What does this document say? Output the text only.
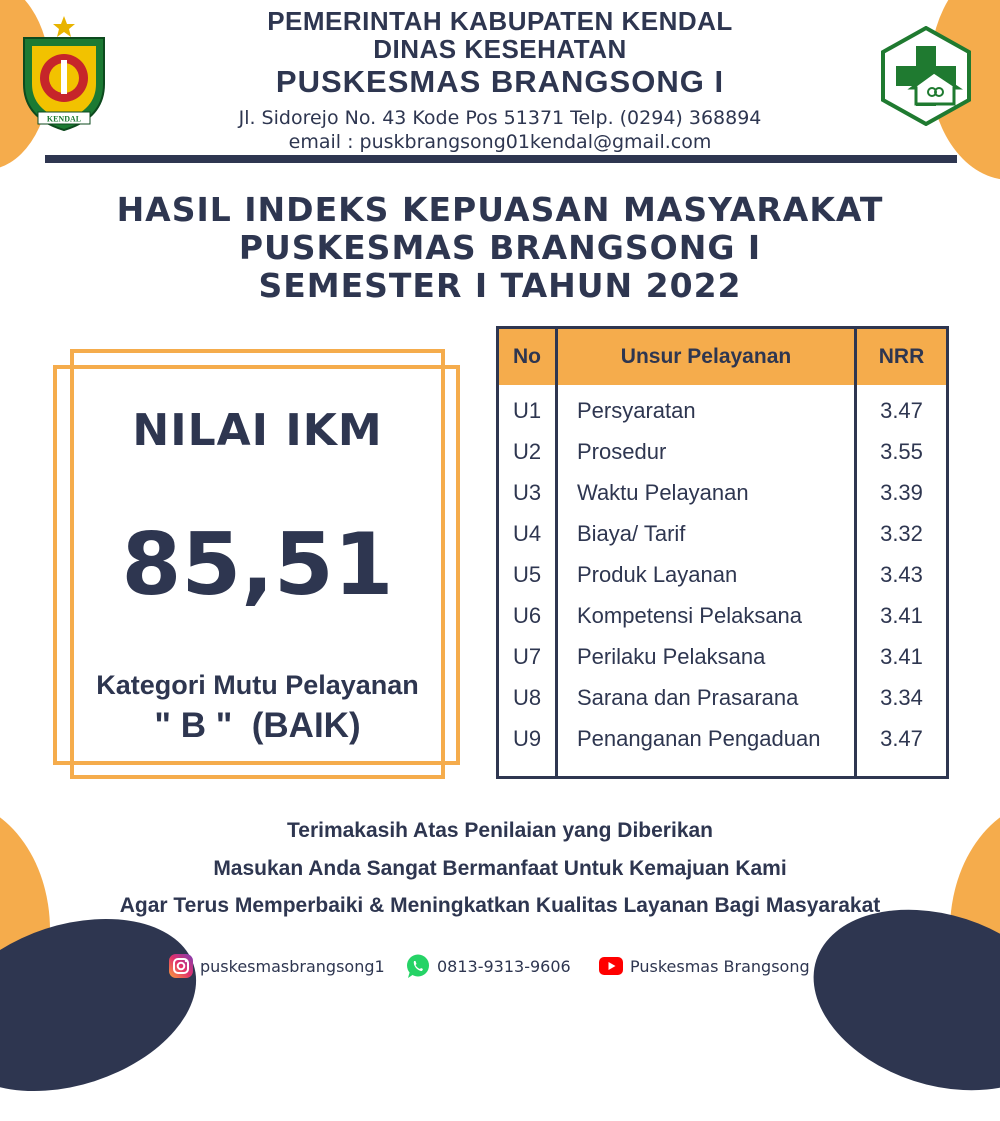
KENDAL
PEMERINTAH KABUPATEN KENDAL
DINAS KESEHATAN
PUSKESMAS BRANGSONG I
Jl. Sidorejo No. 43 Kode Pos 51371 Telp. (0294) 368894
email : puskbrangsong01kendal@gmail.com
HASIL INDEKS KEPUASAN MASYARAKAT
PUSKESMAS BRANGSONG I
SEMESTER I TAHUN 2022
NILAI IKM
85,51
Kategori Mutu Pelayanan
" B "  (BAIK)
No	Unsur Pelayanan	NRR
U1	Persyaratan	3.47
U2	Prosedur	3.55
U3	Waktu Pelayanan	3.39
U4	Biaya/ Tarif	3.32
U5	Produk Layanan	3.43
U6	Kompetensi Pelaksana	3.41
U7	Perilaku Pelaksana	3.41
U8	Sarana dan Prasarana	3.34
U9	Penanganan Pengaduan	3.47
Terimakasih Atas Penilaian yang Diberikan
Masukan Anda Sangat Bermanfaat Untuk Kemajuan Kami
Agar Terus Memperbaiki & Meningkatkan Kualitas Layanan Bagi Masyarakat
puskesmasbrangsong1	0813-9313-9606	Puskesmas Brangsong 1
